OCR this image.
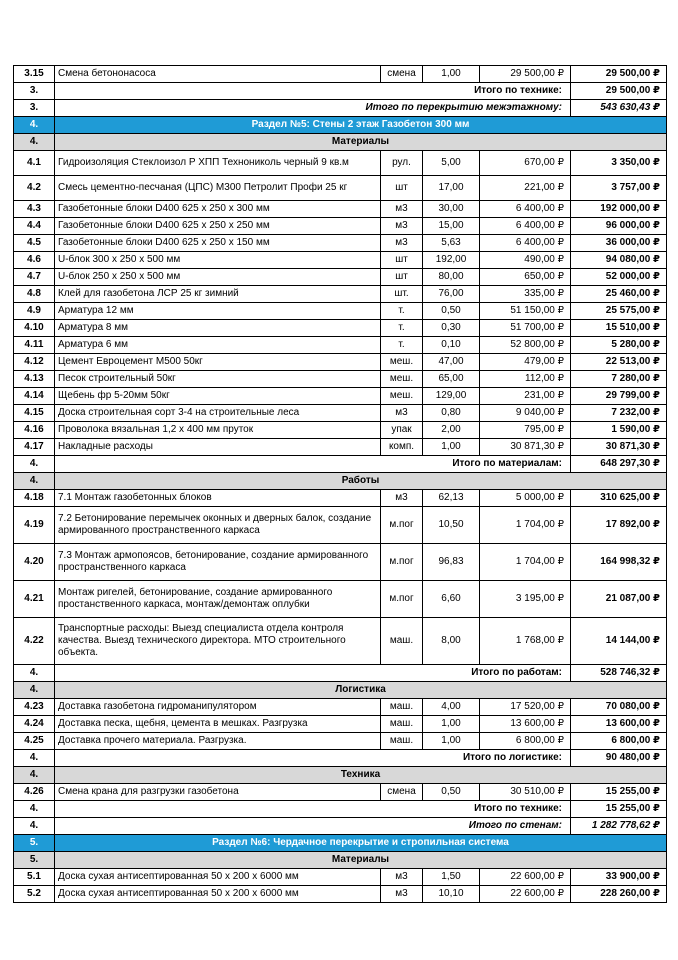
3.15	Смена бетононасоса	смена	1,00	29 500,00 ₽	29 500,00 ₽
3.	Итого по технике:				29 500,00 ₽
3.	Итого по перекрытию межэтажному:				543 630,43 ₽
4.	Раздел №5: Стены 2 этаж Газобетон 300 мм				
4.	Материалы				
4.1	Гидроизоляция Стеклоизол Р ХПП Технониколь черный 9 кв.м	рул.	5,00	670,00 ₽	3 350,00 ₽
4.2	Смесь цементно-песчаная (ЦПС) М300 Петролит Профи 25 кг	шт	17,00	221,00 ₽	3 757,00 ₽
4.3	Газобетонные блоки D400 625 х 250 х 300 мм	м3	30,00	6 400,00 ₽	192 000,00 ₽
4.4	Газобетонные блоки D400 625 х 250 х 250 мм	м3	15,00	6 400,00 ₽	96 000,00 ₽
4.5	Газобетонные блоки D400 625 х 250 х 150 мм	м3	5,63	6 400,00 ₽	36 000,00 ₽
4.6	U-блок 300 х 250 х 500 мм	шт	192,00	490,00 ₽	94 080,00 ₽
4.7	U-блок 250 х 250 х 500 мм	шт	80,00	650,00 ₽	52 000,00 ₽
4.8	Клей для газобетона ЛСР 25 кг зимний	шт.	76,00	335,00 ₽	25 460,00 ₽
4.9	Арматура 12 мм	т.	0,50	51 150,00 ₽	25 575,00 ₽
4.10	Арматура 8 мм	т.	0,30	51 700,00 ₽	15 510,00 ₽
4.11	Арматура 6 мм	т.	0,10	52 800,00 ₽	5 280,00 ₽
4.12	Цемент Евроцемент М500 50кг	меш.	47,00	479,00 ₽	22 513,00 ₽
4.13	Песок строительный 50кг	меш.	65,00	112,00 ₽	7 280,00 ₽
4.14	Щебень фр 5-20мм 50кг	меш.	129,00	231,00 ₽	29 799,00 ₽
4.15	Доска строительная сорт 3-4 на строительные леса	м3	0,80	9 040,00 ₽	7 232,00 ₽
4.16	Проволока вязальная 1,2 х 400 мм пруток	упак	2,00	795,00 ₽	1 590,00 ₽
4.17	Накладные расходы	комп.	1,00	30 871,30 ₽	30 871,30 ₽
4.	Итого по материалам:				648 297,30 ₽
4.	Работы				
4.18	7.1 Монтаж газобетонных блоков	м3	62,13	5 000,00 ₽	310 625,00 ₽
4.19	7.2 Бетонирование перемычек оконных и дверных балок, создание армированного пространственного каркаса	м.пог	10,50	1 704,00 ₽	17 892,00 ₽
4.20	7.3 Монтаж армопоясов, бетонирование, создание армированного пространственного каркаса	м.пог	96,83	1 704,00 ₽	164 998,32 ₽
4.21	Монтаж ригелей, бетонирование, создание армированного простанственного каркаса, монтаж/демонтаж оплубки	м.пог	6,60	3 195,00 ₽	21 087,00 ₽
4.22	Транспортные расходы: Выезд специалиста отдела контроля качества. Выезд технического директора. МТО строительного объекта.	маш.	8,00	1 768,00 ₽	14 144,00 ₽
4.	Итого по работам:				528 746,32 ₽
4.	Логистика				
4.23	Доставка газобетона гидроманипулятором	маш.	4,00	17 520,00 ₽	70 080,00 ₽
4.24	Доставка песка, щебня, цемента в мешках. Разгрузка	маш.	1,00	13 600,00 ₽	13 600,00 ₽
4.25	Доставка прочего материала. Разгрузка.	маш.	1,00	6 800,00 ₽	6 800,00 ₽
4.	Итого по логистике:				90 480,00 ₽
4.	Техника				
4.26	Смена крана для разгрузки газобетона	смена	0,50	30 510,00 ₽	15 255,00 ₽
4.	Итого по технике:				15 255,00 ₽
4.	Итого по стенам:				1 282 778,62 ₽
5.	Раздел №6: Чердачное перекрытие и стропильная система				
5.	Материалы				
5.1	Доска сухая антисептированная 50 х 200 х 6000 мм	м3	1,50	22 600,00 ₽	33 900,00 ₽
5.2	Доска сухая антисептированная 50 х 200 х 6000 мм	м3	10,10	22 600,00 ₽	228 260,00 ₽
